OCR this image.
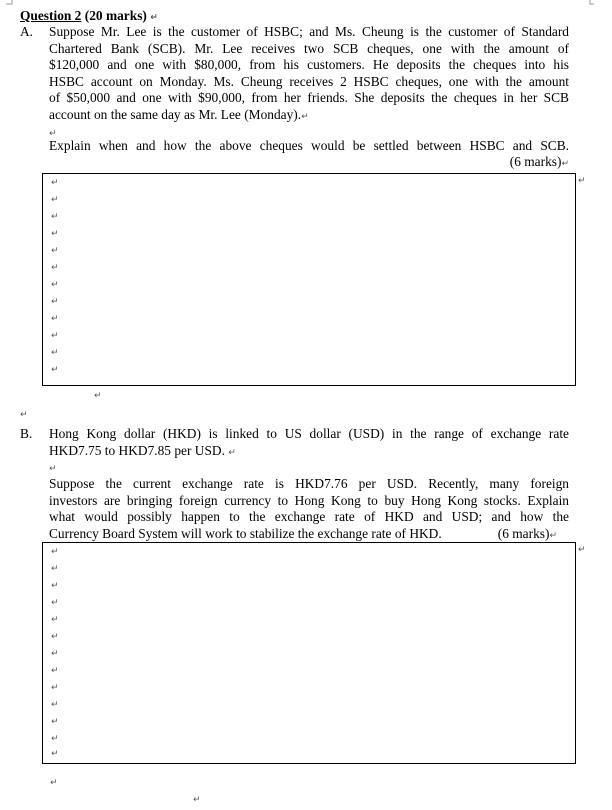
Question 2 (20 marks) ↵
A. Suppose Mr. Lee is the customer of HSBC; and Ms. Cheung is the customer of Standard
Chartered Bank (SCB). Mr. Lee receives two SCB cheques, one with the amount of
$120,000 and one with $80,000, from his customers. He deposits the cheques into his
HSBC account on Monday. Ms. Cheung receives 2 HSBC cheques, one with the amount
of $50,000 and one with $90,000, from her friends. She deposits the cheques in her SCB
account on the same day as Mr. Lee (Monday).↵
↵
Explain when and how the above cheques would be settled between HSBC and SCB.
(6 marks)↵
↵
↵
↵
↵
↵
↵
↵
↵
↵
↵
↵
↵
↵
↵
↵
B. Hong Kong dollar (HKD) is linked to US dollar (USD) in the range of exchange rate
HKD7.75 to HKD7.85 per USD. ↵
↵
Suppose the current exchange rate is HKD7.76 per USD. Recently, many foreign
investors are bringing foreign currency to Hong Kong to buy Hong Kong stocks. Explain
what would possibly happen to the exchange rate of HKD and USD; and how the
Currency Board System will work to stabilize the exchange rate of HKD.	(6 marks)↵
↵
↵
↵
↵
↵
↵
↵
↵
↵
↵
↵
↵
↵
↵
↵
↵
